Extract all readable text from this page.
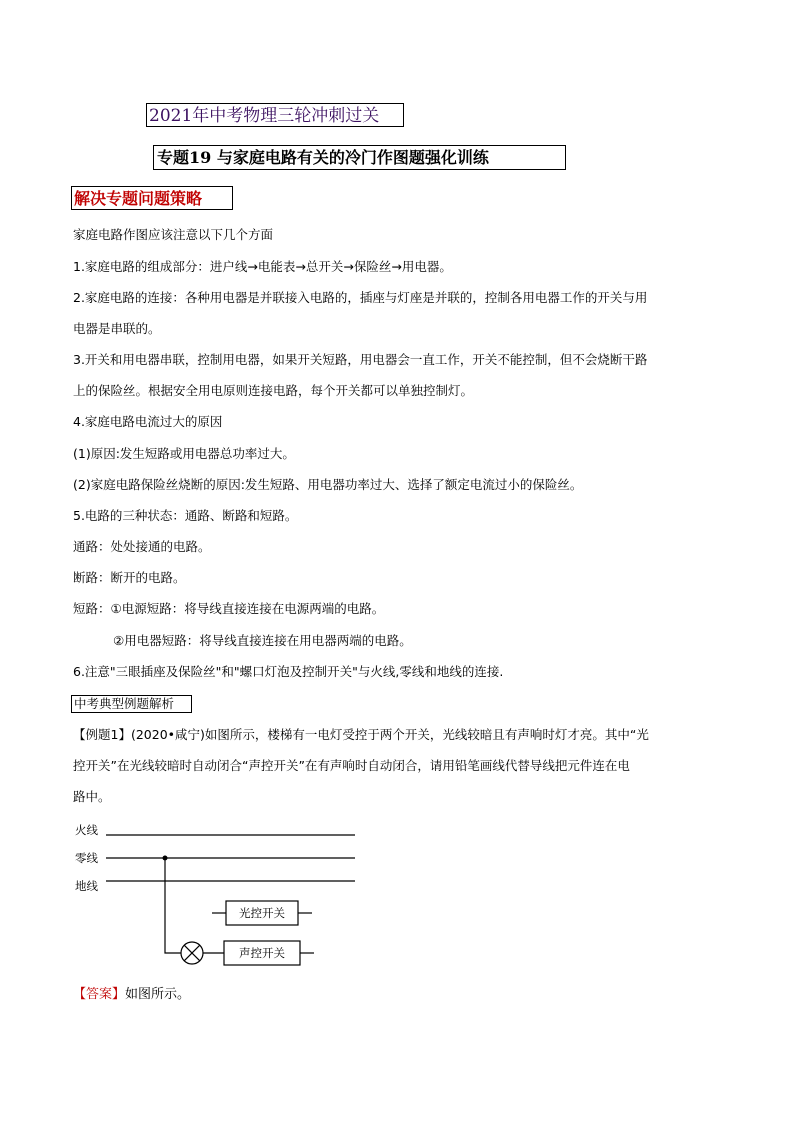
2021年中考物理三轮冲刺过关
专题19 与家庭电路有关的冷门作图题强化训练
解决专题问题策略
家庭电路作图应该注意以下几个方面
1.家庭电路的组成部分：进户线→电能表→总开关→保险丝→用电器。
2.家庭电路的连接：各种用电器是并联接入电路的，插座与灯座是并联的，控制各用电器工作的开关与用
电器是串联的。
3.开关和用电器串联，控制用电器，如果开关短路，用电器会一直工作，开关不能控制，但不会烧断干路
上的保险丝。根据安全用电原则连接电路，每个开关都可以单独控制灯。
4.家庭电路电流过大的原因
(1)原因:发生短路或用电器总功率过大。
(2)家庭电路保险丝烧断的原因:发生短路、用电器功率过大、选择了额定电流过小的保险丝。
5.电路的三种状态：通路、断路和短路。
通路：处处接通的电路。
断路：断开的电路。
短路：①电源短路：将导线直接连接在电源两端的电路。
②用电器短路：将导线直接连接在用电器两端的电路。
6.注意"三眼插座及保险丝"和"螺口灯泡及控制开关"与火线,零线和地线的连接.
中考典型例题解析
【例题1】(2020•咸宁)如图所示，楼梯有一电灯受控于两个开关，光线较暗且有声响时灯才亮。其中“光
控开关”在光线较暗时自动闭合“声控开关”在有声响时自动闭合，请用铅笔画线代替导线把元件连在电
路中。
火线
零线
地线
声控开关
光控开关
【答案】如图所示。
